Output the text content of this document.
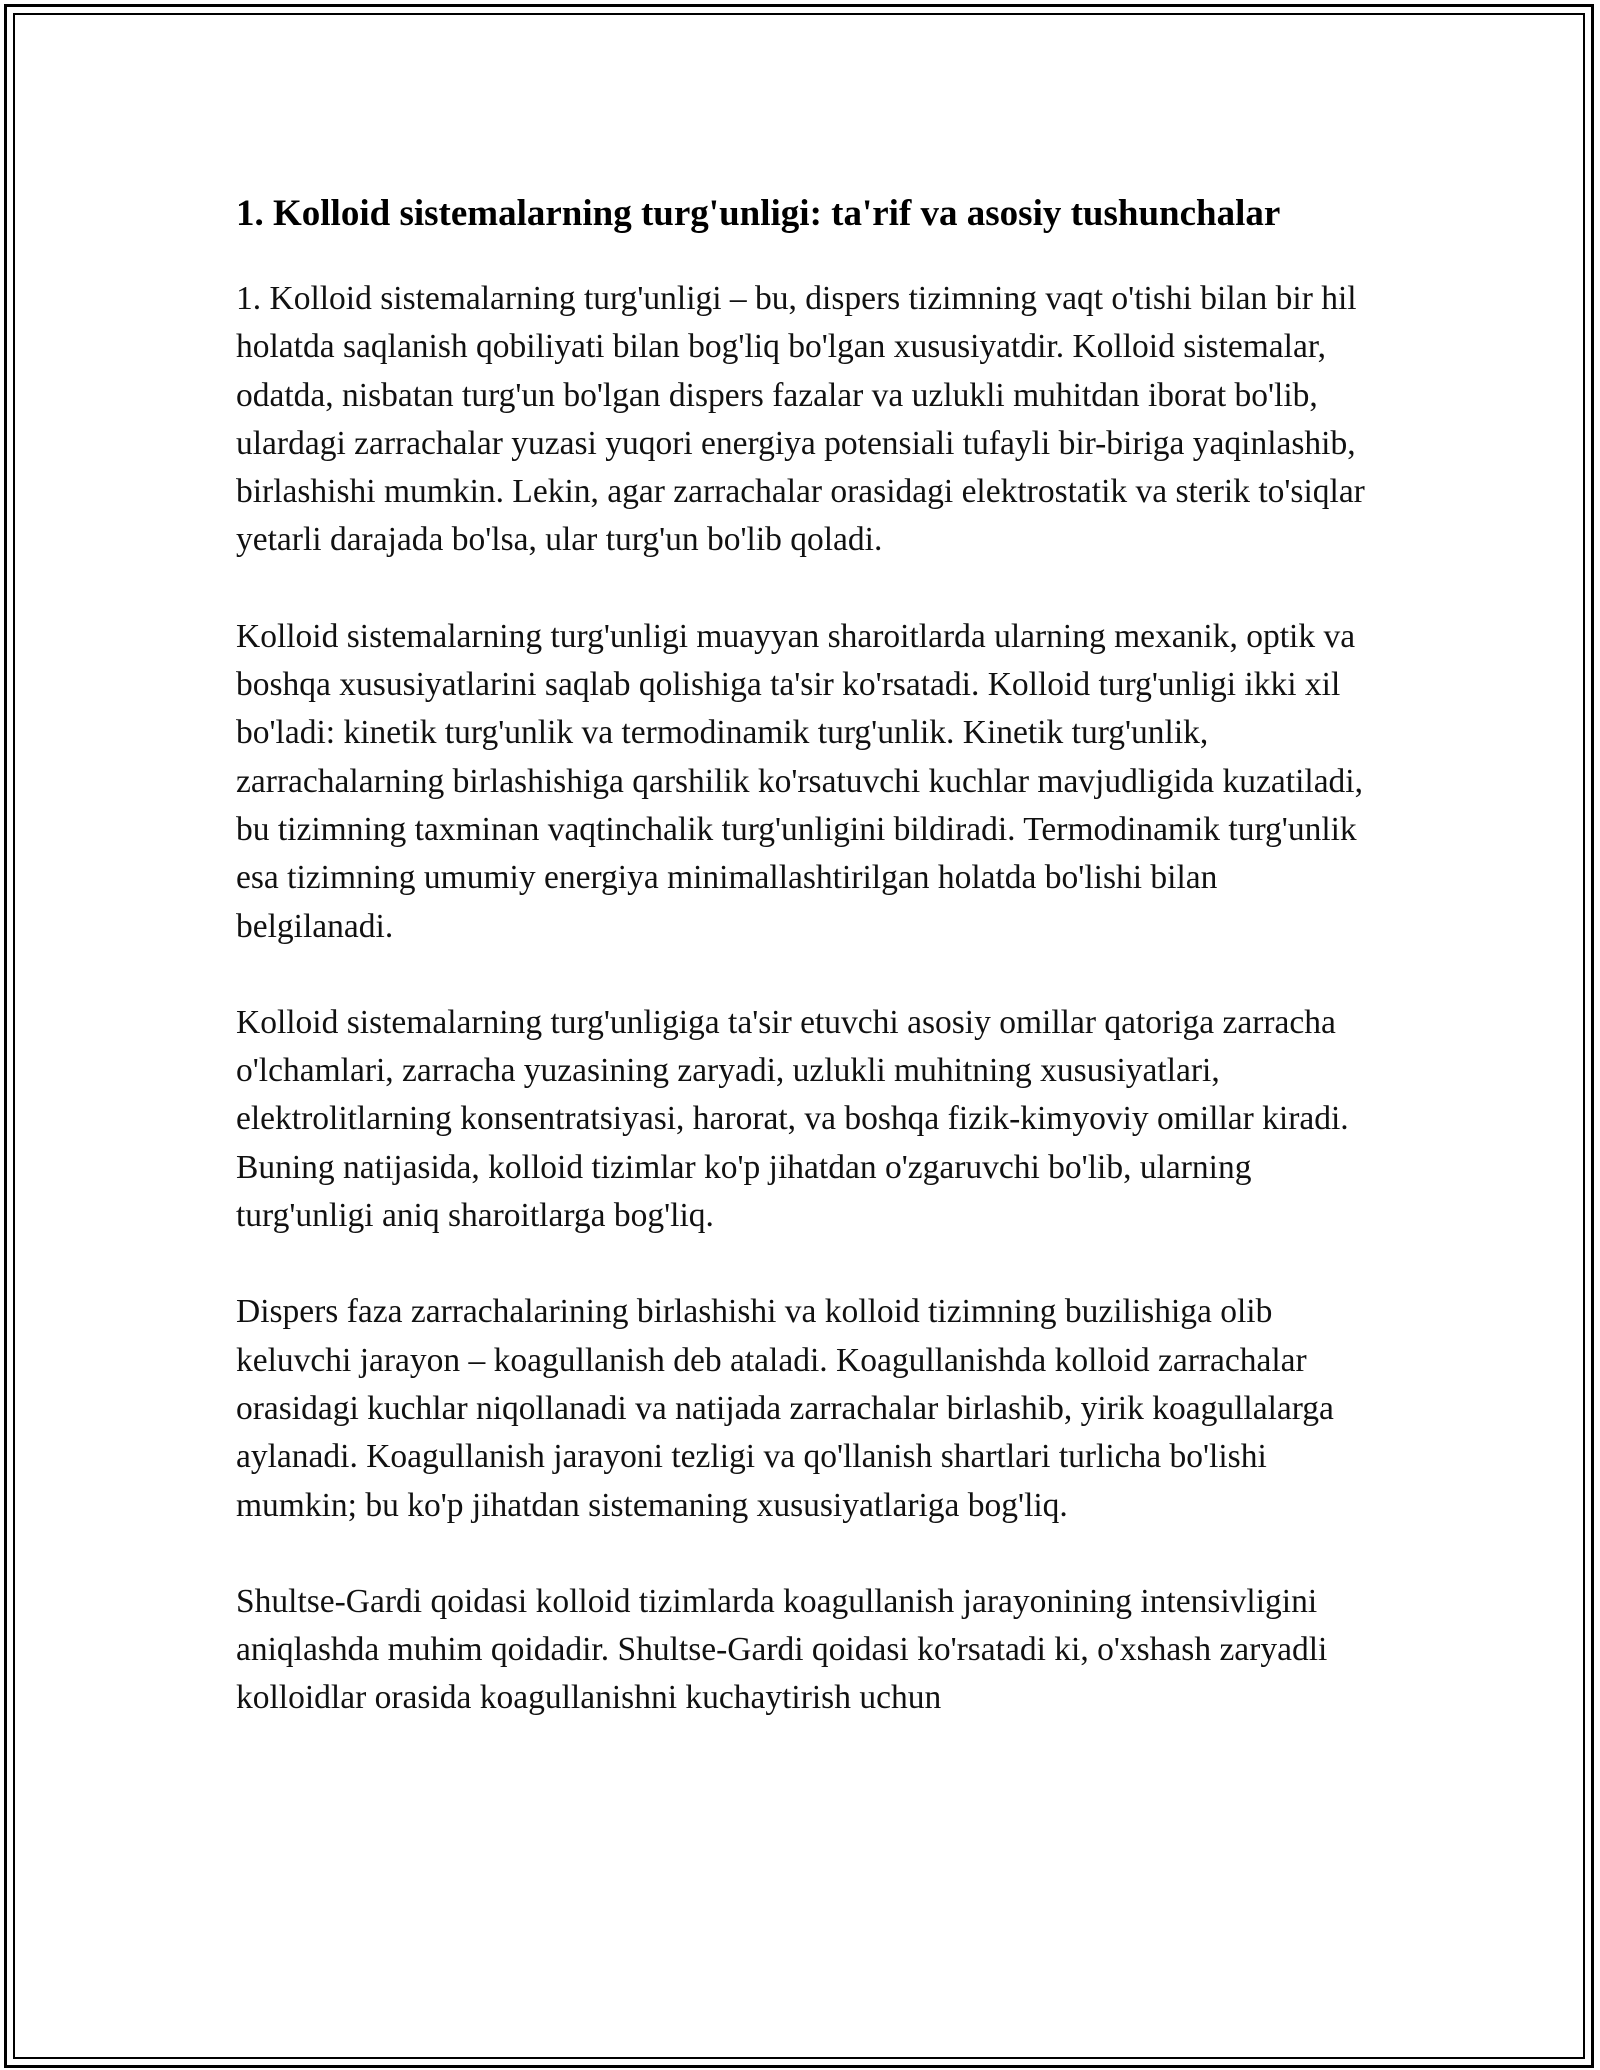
1. Kolloid sistemalarning turg'unligi: ta'rif va asosiy tushunchalar

1. Kolloid sistemalarning turg'unligi – bu, dispers tizimning vaqt o'tishi bilan bir hil holatda saqlanish qobiliyati bilan bog'liq bo'lgan xususiyatdir. Kolloid sistemalar, odatda, nisbatan turg'un bo'lgan dispers fazalar va uzlukli muhitdan iborat bo'lib, ulardagi zarrachalar yuzasi yuqori energiya potensiali tufayli bir-biriga yaqinlashib, birlashishi mumkin. Lekin, agar zarrachalar orasidagi elektrostatik va sterik to'siqlar yetarli darajada bo'lsa, ular turg'un bo'lib qoladi.

Kolloid sistemalarning turg'unligi muayyan sharoitlarda ularning mexanik, optik va boshqa xususiyatlarini saqlab qolishiga ta'sir ko'rsatadi. Kolloid turg'unligi ikki xil bo'ladi: kinetik turg'unlik va termodinamik turg'unlik. Kinetik turg'unlik, zarrachalarning birlashishiga qarshilik ko'rsatuvchi kuchlar mavjudligida kuzatiladi, bu tizimning taxminan vaqtinchalik turg'unligini bildiradi. Termodinamik turg'unlik esa tizimning umumiy energiya minimallashtirilgan holatda bo'lishi bilan belgilanadi.

Kolloid sistemalarning turg'unligiga ta'sir etuvchi asosiy omillar qatoriga zarracha o'lchamlari, zarracha yuzasining zaryadi, uzlukli muhitning xususiyatlari, elektrolitlarning konsentratsiyasi, harorat, va boshqa fizik-kimyoviy omillar kiradi. Buning natijasida, kolloid tizimlar ko'p jihatdan o'zgaruvchi bo'lib, ularning turg'unligi aniq sharoitlarga bog'liq.

Dispers faza zarrachalarining birlashishi va kolloid tizimning buzilishiga olib keluvchi jarayon – koagullanish deb ataladi. Koagullanishda kolloid zarrachalar orasidagi kuchlar niqollanadi va natijada zarrachalar birlashib, yirik koagullalarga aylanadi. Koagullanish jarayoni tezligi va qo'llanish shartlari turlicha bo'lishi mumkin; bu ko'p jihatdan sistemaning xususiyatlariga bog'liq.

Shultse-Gardi qoidasi kolloid tizimlarda koagullanish jarayonining intensivligini aniqlashda muhim qoidadir. Shultse-Gardi qoidasi ko'rsatadi ki, o'xshash zaryadli kolloidlar orasida koagullanishni kuchaytirish uchun
